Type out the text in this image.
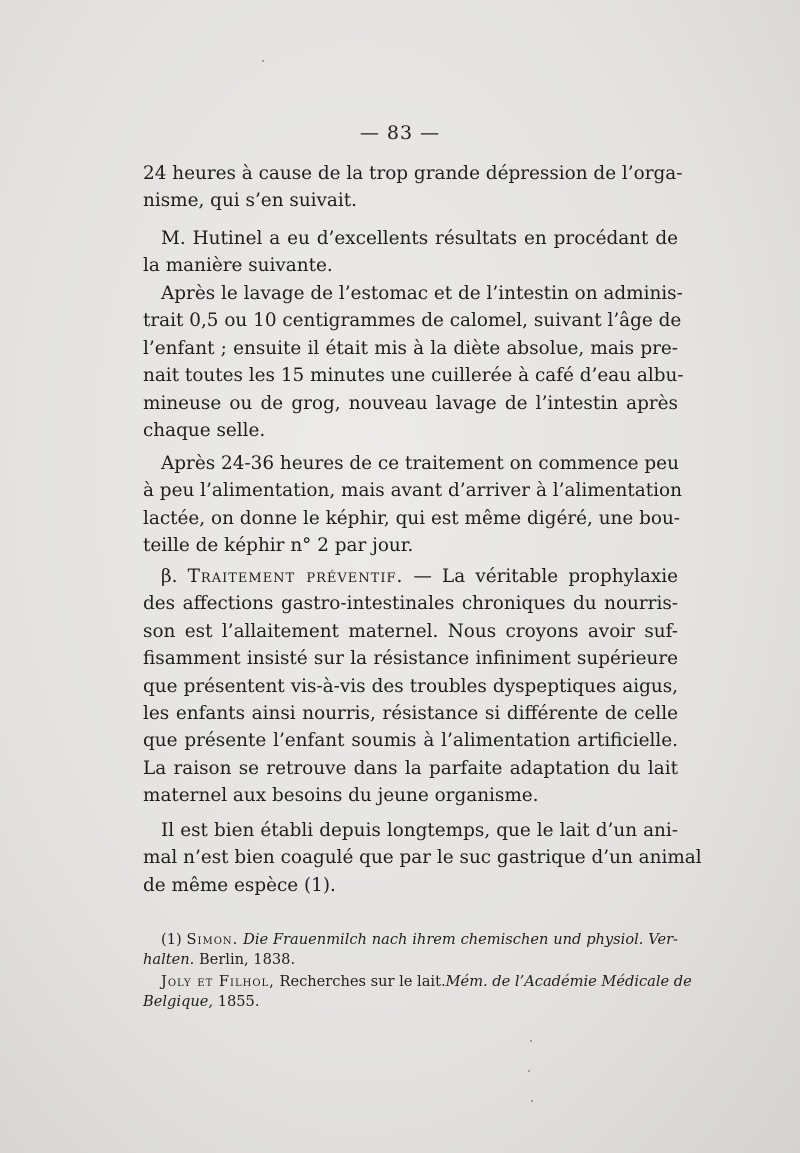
— 83 —
24 heures à cause de la trop grande dépression de l’orga-
nisme, qui s’en suivait.
M. Hutinel a eu d’excellents résultats en procédant de
la manière suivante.
Après le lavage de l’estomac et de l’intestin on adminis-
trait 0,5 ou 10 centigrammes de calomel, suivant l’âge de
l’enfant ; ensuite il était mis à la diète absolue, mais pre-
nait toutes les 15 minutes une cuillerée à café d’eau albu-
mineuse ou de grog, nouveau lavage de l’intestin après
chaque selle.
Après 24-36 heures de ce traitement on commence peu
à peu l’alimentation, mais avant d’arriver à l’alimentation
lactée, on donne le képhir, qui est même digéré, une bou-
teille de képhir n° 2 par jour.
β. Traitement préventif. — La véritable prophylaxie
des affections gastro-intestinales chroniques du nourris-
son est l’allaitement maternel. Nous croyons avoir suf-
fisamment insisté sur la résistance infiniment supérieure
que présentent vis-à-vis des troubles dyspeptiques aigus,
les enfants ainsi nourris, résistance si différente de celle
que présente l’enfant soumis à l’alimentation artificielle.
La raison se retrouve dans la parfaite adaptation du lait
maternel aux besoins du jeune organisme.
Il est bien établi depuis longtemps, que le lait d’un ani-
mal n’est bien coagulé que par le suc gastrique d’un animal
de même espèce (1).
(1) Simon. Die Frauenmilch nach ihrem chemischen und physiol. Ver-
halten. Berlin, 1838.
Joly et Filhol, Recherches sur le lait.Mém. de l’Académie Médicale de
Belgique, 1855.
